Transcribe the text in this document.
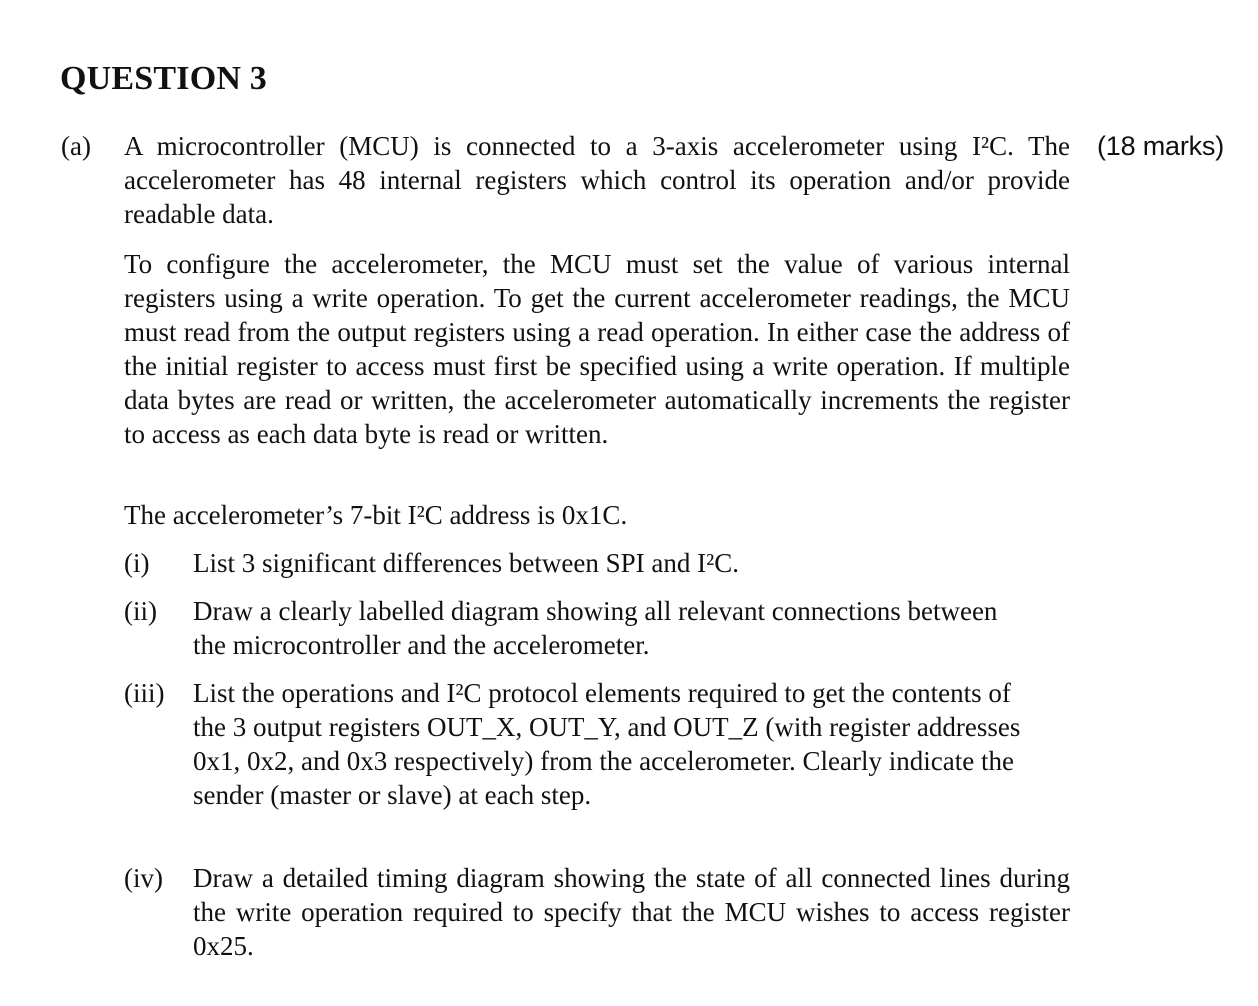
QUESTION 3
(a)	(18 marks)
A microcontroller (MCU) is connected to a 3-axis accelerometer using I²C. The accelerometer has 48 internal registers which control its operation and/or provide readable data.
To configure the accelerometer, the MCU must set the value of various internal registers using a write operation. To get the current accelerometer readings, the MCU must read from the output registers using a read operation. In either case the address of the initial register to access must first be specified using a write operation. If multiple data bytes are read or written, the accelerometer automatically increments the register to access as each data byte is read or written.
The accelerometer’s 7-bit I²C address is 0x1C.
(i) List 3 significant differences between SPI and I²C.
(ii) Draw a clearly labelled diagram showing all relevant connections between the microcontroller and the accelerometer.
(iii) List the operations and I²C protocol elements required to get the contents of the 3 output registers OUT_X, OUT_Y, and OUT_Z (with register addresses 0x1, 0x2, and 0x3 respectively) from the accelerometer. Clearly indicate the sender (master or slave) at each step.
(iv) Draw a detailed timing diagram showing the state of all connected lines during the write operation required to specify that the MCU wishes to access register 0x25.
